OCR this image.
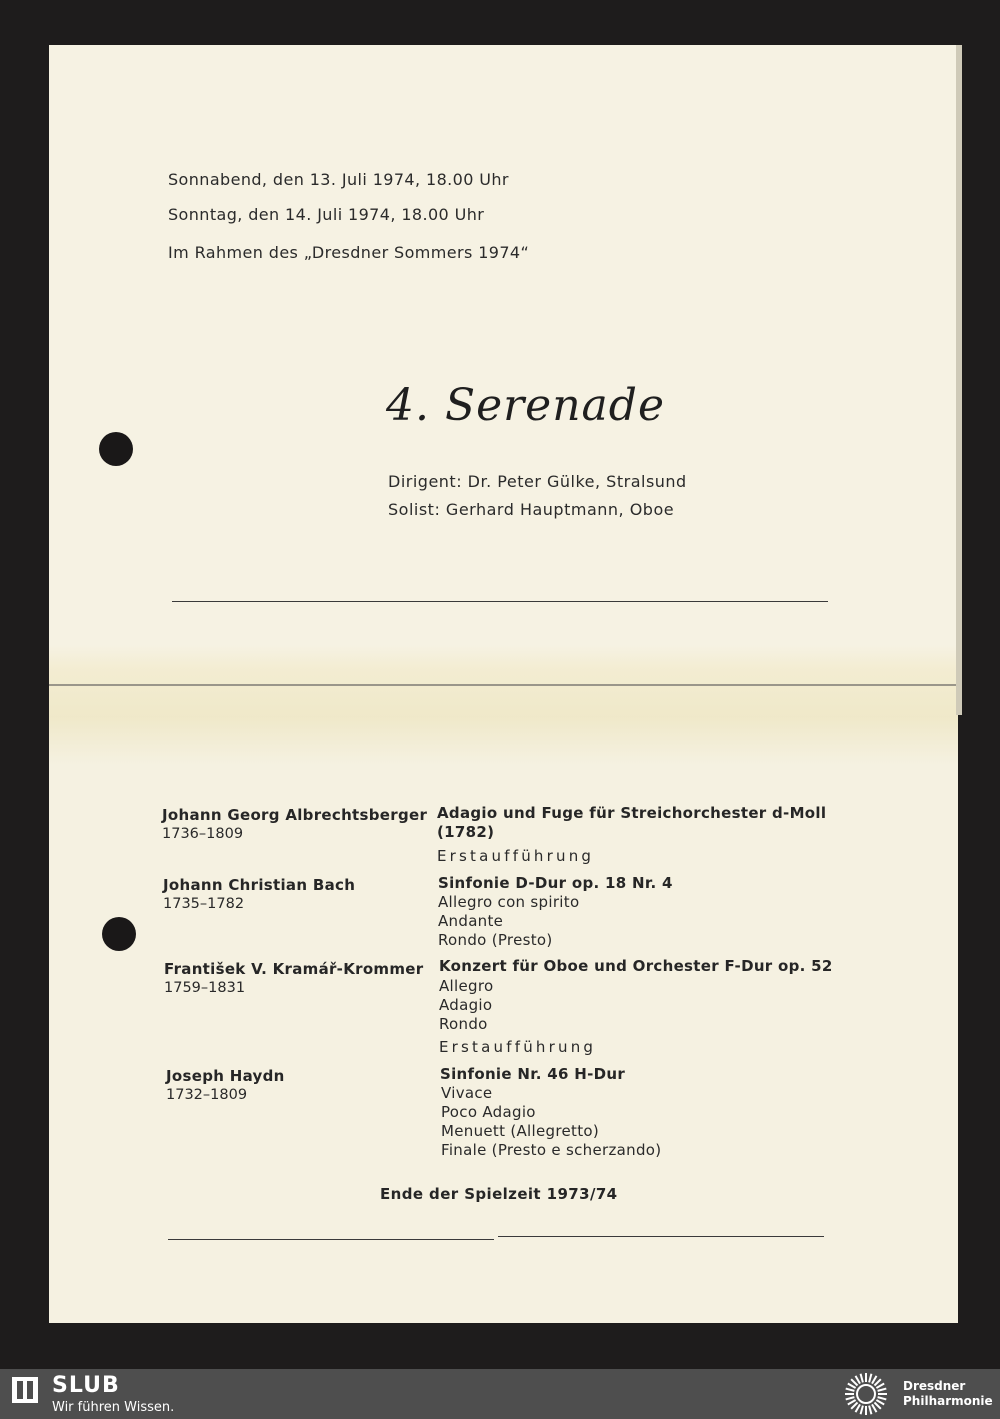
Sonnabend, den 13. Juli 1974, 18.00 Uhr
Sonntag, den 14. Juli 1974, 18.00 Uhr
Im Rahmen des „Dresdner Sommers 1974“
4. Serenade
Dirigent: Dr. Peter Gülke, Stralsund
Solist: Gerhard Hauptmann, Oboe
Johann Georg Albrechtsberger
1736–1809
Adagio und Fuge für Streichorchester d-Moll
(1782)
Erstaufführung
Johann Christian Bach
1735–1782
Sinfonie D-Dur op. 18 Nr. 4
Allegro con spirito
Andante
Rondo (Presto)
František V. Kramář-Krommer
1759–1831
Konzert für Oboe und Orchester F-Dur op. 52
Allegro
Adagio
Rondo
Erstaufführung
Joseph Haydn
1732–1809
Sinfonie Nr. 46 H-Dur
Vivace
Poco Adagio
Menuett (Allegretto)
Finale (Presto e scherzando)
Ende der Spielzeit 1973/74
SLUB
Wir führen Wissen.
Dresdner
Philharmonie
